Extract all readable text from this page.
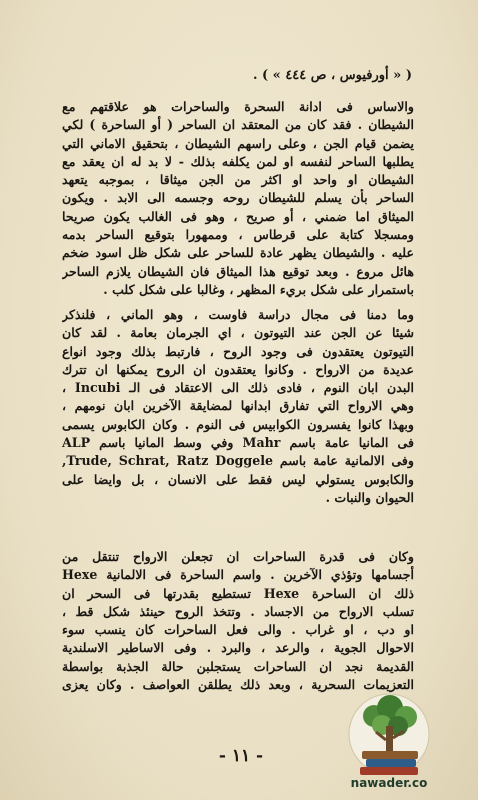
( « أورفيوس ، ص ٤٤٤ » ) .
والاساس فى ادانة السحرة والساحرات هو علاقتهم مع
الشيطان . فقد كان من المعتقد ان الساحر ( أو الساحرة ) لكي
يضمن قيام الجن ، وعلى راسهم الشيطان ، بتحقيق الاماني التي
يطلبها الساحر لنفسه او لمن يكلفه بذلك - لا بد له ان يعقد مع
الشيطان او واحد او اكثر من الجن ميثاقا ، بموجبه يتعهد
الساحر بأن يسلم للشيطان روحه وجسمه الى الابد . ويكون
الميثاق اما ضمني ، أو صريح ، وهو فى الغالب يكون صريحا
ومسجلا كتابة على قرطاس ، وممهورا بتوقيع الساحر بدمه
عليه . والشيطان يظهر عادة للساحر على شكل ظل اسود ضخم
هائل مروع . وبعد توقيع هذا الميثاق فان الشيطان يلازم الساحر
باستمرار على شكل بريء المظهر ، وغالبا على شكل كلب .
وما دمنا فى مجال دراسة فاوست ، وهو الماني ، فلنذكر
شيئا عن الجن عند التيوتون ، اي الجرمان بعامة . لقد كان
التيوتون يعتقدون فى وجود الروح ، فارتبط بذلك وجود انواع
عديدة من الارواح . وكانوا يعتقدون ان الروح يمكنها ان تترك
البدن ابان النوم ، فادى ذلك الى الاعتقاد فى الـ Incubi ،
وهي الارواح التي تفارق ابدانها لمضايقة الآخرين ابان نومهم ،
وبهذا كانوا يفسرون الكوابيس فى النوم . وكان الكابوس يسمى
فى المانيا عامة باسم Mahr وفي وسط المانيا باسم ALP
وفى الالمانية عامة باسم Trude, Schrat, Ratz Doggele,
والكابوس يستولي ليس فقط على الانسان ، بل وايضا على
الحيوان والنبات .
وكان فى قدرة الساحرات ان تجعلن الارواح تنتقل من
أجسامها وتؤذي الآخرين . واسم الساحرة فى الالمانية Hexe
ذلك ان الساحرة Hexe تستطيع بقدرتها فى السحر ان
تسلب الارواح من الاجساد . وتتخذ الروح حينئذ شكل قط ،
او دب ، او غراب . والى فعل الساحرات كان ينسب سوء
الاحوال الجوية ، والرعد ، والبرد . وفى الاساطير الاسلندية
القديمة نجد ان الساحرات يستجلبن حالة الجذبة بواسطة
التعزيمات السحرية ، وبعد ذلك يطلقن العواصف . وكان يعزى
- ١١ -
nawader.co
